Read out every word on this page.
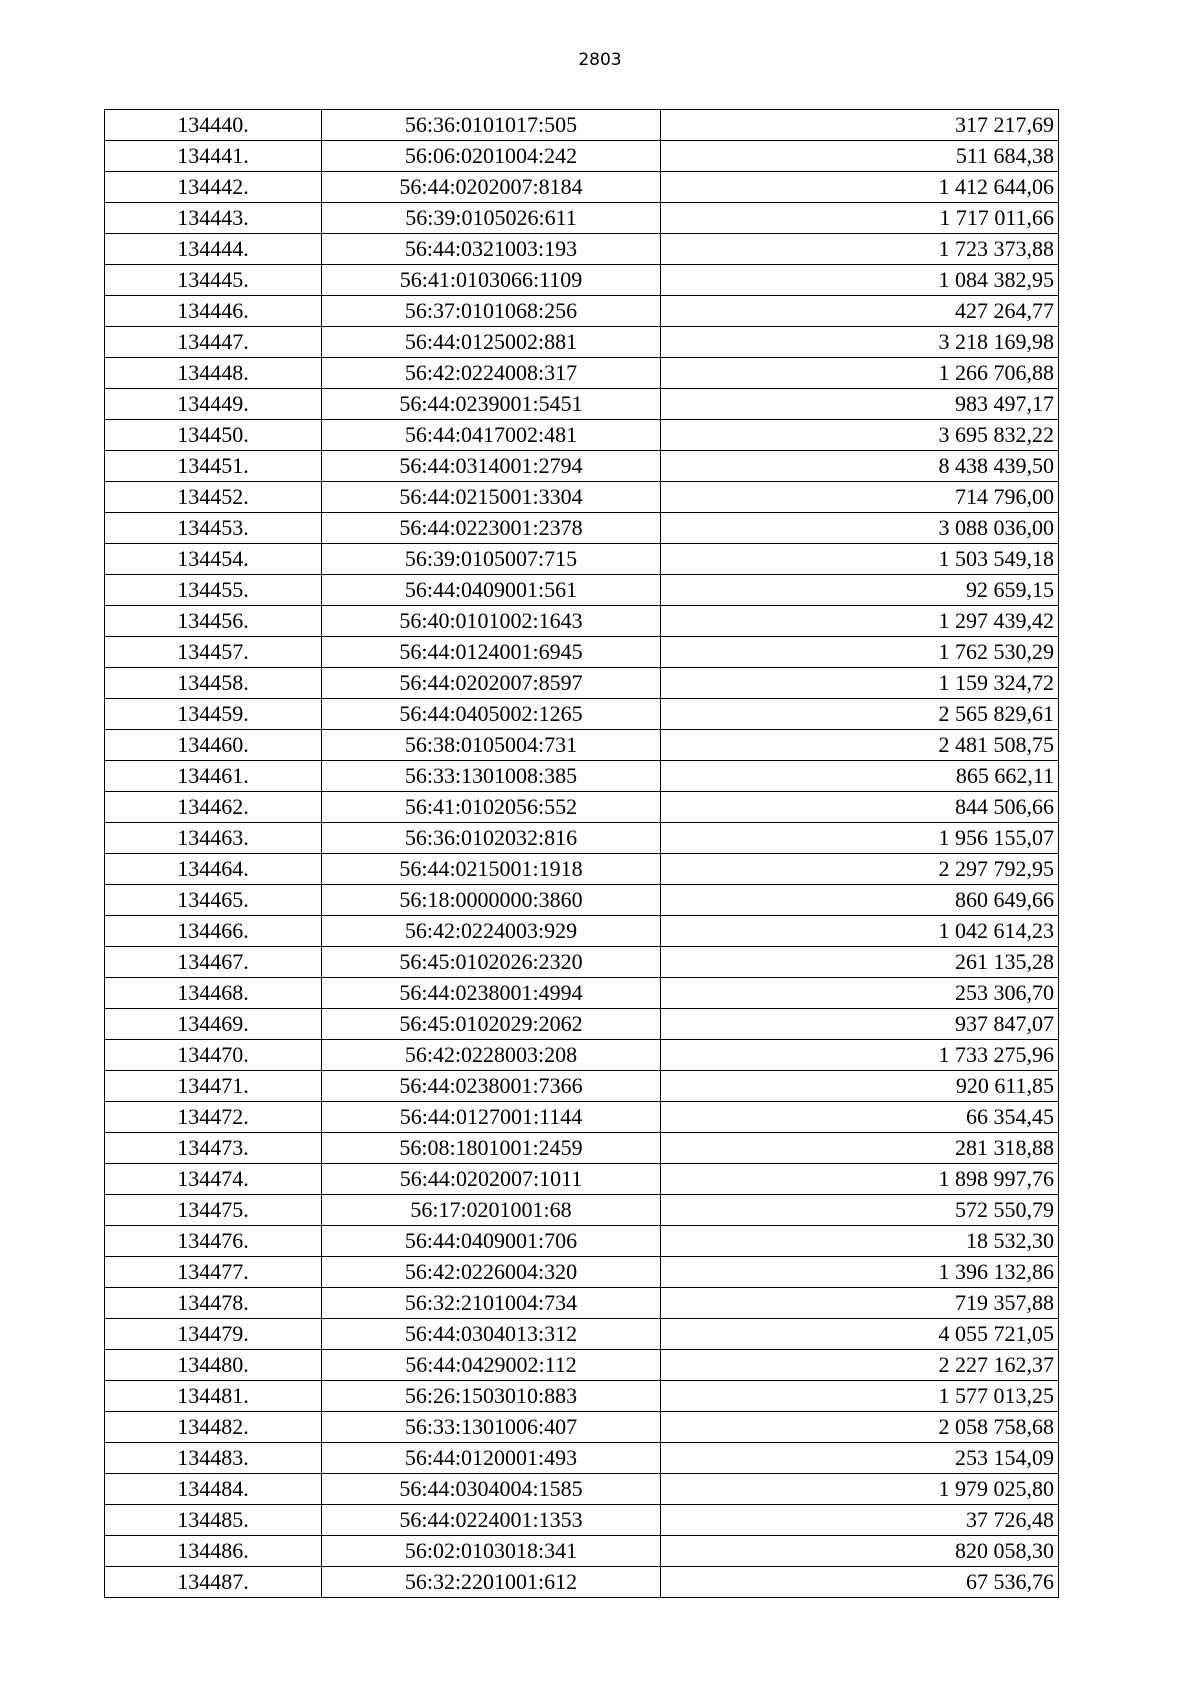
2803
134440.	56:36:0101017:505	317 217,69
134441.	56:06:0201004:242	511 684,38
134442.	56:44:0202007:8184	1 412 644,06
134443.	56:39:0105026:611	1 717 011,66
134444.	56:44:0321003:193	1 723 373,88
134445.	56:41:0103066:1109	1 084 382,95
134446.	56:37:0101068:256	427 264,77
134447.	56:44:0125002:881	3 218 169,98
134448.	56:42:0224008:317	1 266 706,88
134449.	56:44:0239001:5451	983 497,17
134450.	56:44:0417002:481	3 695 832,22
134451.	56:44:0314001:2794	8 438 439,50
134452.	56:44:0215001:3304	714 796,00
134453.	56:44:0223001:2378	3 088 036,00
134454.	56:39:0105007:715	1 503 549,18
134455.	56:44:0409001:561	92 659,15
134456.	56:40:0101002:1643	1 297 439,42
134457.	56:44:0124001:6945	1 762 530,29
134458.	56:44:0202007:8597	1 159 324,72
134459.	56:44:0405002:1265	2 565 829,61
134460.	56:38:0105004:731	2 481 508,75
134461.	56:33:1301008:385	865 662,11
134462.	56:41:0102056:552	844 506,66
134463.	56:36:0102032:816	1 956 155,07
134464.	56:44:0215001:1918	2 297 792,95
134465.	56:18:0000000:3860	860 649,66
134466.	56:42:0224003:929	1 042 614,23
134467.	56:45:0102026:2320	261 135,28
134468.	56:44:0238001:4994	253 306,70
134469.	56:45:0102029:2062	937 847,07
134470.	56:42:0228003:208	1 733 275,96
134471.	56:44:0238001:7366	920 611,85
134472.	56:44:0127001:1144	66 354,45
134473.	56:08:1801001:2459	281 318,88
134474.	56:44:0202007:1011	1 898 997,76
134475.	56:17:0201001:68	572 550,79
134476.	56:44:0409001:706	18 532,30
134477.	56:42:0226004:320	1 396 132,86
134478.	56:32:2101004:734	719 357,88
134479.	56:44:0304013:312	4 055 721,05
134480.	56:44:0429002:112	2 227 162,37
134481.	56:26:1503010:883	1 577 013,25
134482.	56:33:1301006:407	2 058 758,68
134483.	56:44:0120001:493	253 154,09
134484.	56:44:0304004:1585	1 979 025,80
134485.	56:44:0224001:1353	37 726,48
134486.	56:02:0103018:341	820 058,30
134487.	56:32:2201001:612	67 536,76
